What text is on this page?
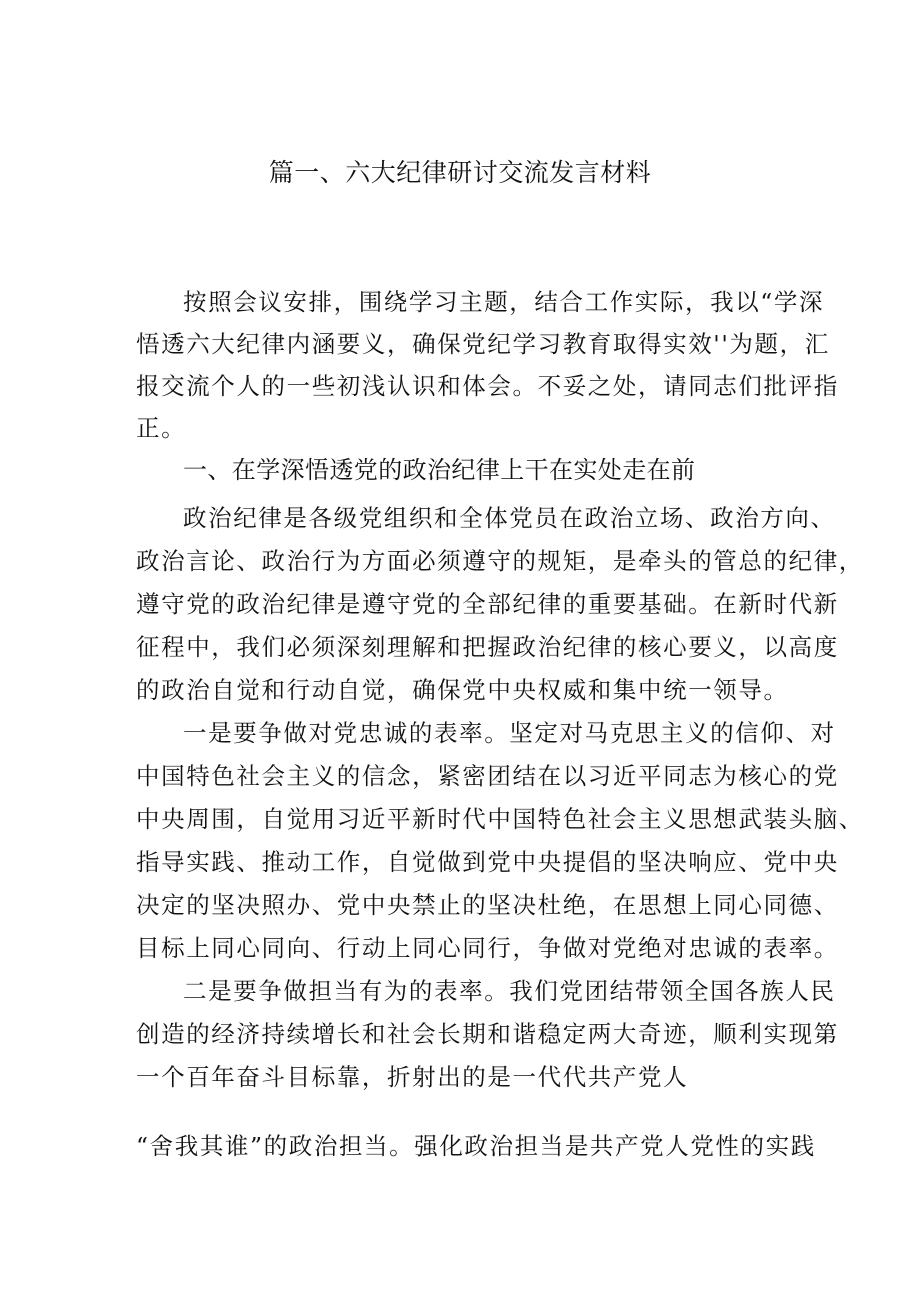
篇一、六大纪律研讨交流发言材料

按照会议安排，围绕学习主题，结合工作实际，我以“学深

悟透六大纪律内涵要义，确保党纪学习教育取得实效''为题，汇

报交流个人的一些初浅认识和体会。不妥之处，请同志们批评指

正。

一、在学深悟透党的政治纪律上干在实处走在前

政治纪律是各级党组织和全体党员在政治立场、政治方向、

政治言论、政治行为方面必须遵守的规矩，是牵头的管总的纪律，

遵守党的政治纪律是遵守党的全部纪律的重要基础。在新时代新

征程中，我们必须深刻理解和把握政治纪律的核心要义，以高度

的政治自觉和行动自觉，确保党中央权威和集中统一领导。

一是要争做对党忠诚的表率。坚定对马克思主义的信仰、对

中国特色社会主义的信念，紧密团结在以习近平同志为核心的党

中央周围，自觉用习近平新时代中国特色社会主义思想武装头脑、

指导实践、推动工作，自觉做到党中央提倡的坚决响应、党中央

决定的坚决照办、党中央禁止的坚决杜绝，在思想上同心同德、

目标上同心同向、行动上同心同行，争做对党绝对忠诚的表率。

二是要争做担当有为的表率。我们党团结带领全国各族人民

创造的经济持续增长和社会长期和谐稳定两大奇迹，顺利实现第

一个百年奋斗目标靠，折射出的是一代代共产党人

“舍我其谁”的政治担当。强化政治担当是共产党人党性的实践
